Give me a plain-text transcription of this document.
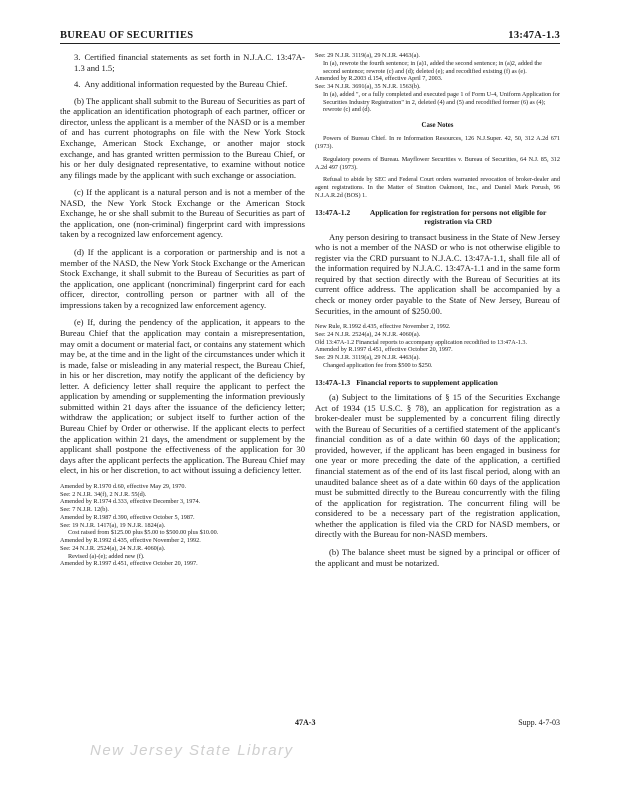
BUREAU OF SECURITIES	13:47A-1.3
3. Certified financial statements as set forth in N.J.A.C. 13:47A-1.3 and 1.5;
4. Any additional information requested by the Bureau Chief.

(b) The applicant shall submit to the Bureau of Securities as part of the application an identification photograph of each partner, officer or director, unless the applicant is a member of the NASD or is a member of and has current photographs on file with the New York Stock Exchange, American Stock Exchange, or another major stock exchange, and has granted written permission to the Bureau Chief, or his or her duly designated representative, to examine without notice any filings made by the applicant with such exchange or association.

(c) If the applicant is a natural person and is not a member of the NASD, the New York Stock Exchange or the American Stock Exchange, he or she shall submit to the Bureau of Securities as part of the application, one (non-criminal) fingerprint card with impressions taken by a recognized law enforcement agency.

(d) If the applicant is a corporation or partnership and is not a member of the NASD, the New York Stock Exchange or the American Stock Exchange, it shall submit to the Bureau of Securities as part of the application, one applicant (noncriminal) fingerprint card for each officer, director, controlling person or partner with all of the impressions taken by a recognized law enforcement agency.

(e) If, during the pendency of the application, it appears to the Bureau Chief that the application may contain a misrepresentation, may omit a document or material fact, or contains any statement which may be, at the time and in the light of the circumstances under which it is made, false or misleading in any material respect, the Bureau Chief, in his or her discretion, may notify the applicant of the deficiency by letter. A deficiency letter shall require the applicant to perfect the application by amending or supplementing the information previously submitted within 21 days after the issuance of the deficiency letter; withdraw the application; or subject itself to further action of the Bureau Chief by Order or otherwise. If the applicant elects to perfect the application within 21 days, the amendment or supplement by the applicant shall postpone the effectiveness of the application for 30 days after the applicant perfects the application. The Bureau Chief may elect, in his or her discretion, to act without issuing a deficiency letter.

Amended by R.1970 d.60, effective May 29, 1970.
See: 2 N.J.R. 34(f), 2 N.J.R. 55(d).
Amended by R.1974 d.333, effective December 3, 1974.
See: 7 N.J.R. 12(b).
Amended by R.1987 d.390, effective October 5, 1987.
See: 19 N.J.R. 1417(a), 19 N.J.R. 1824(a).
Cost raised from $125.00 plus $5.00 to $500.00 plus $10.00.
Amended by R.1992 d.435, effective November 2, 1992.
See: 24 N.J.R. 2524(a), 24 N.J.R. 4060(a).
Revised (a)-(e); added new (f).
Amended by R.1997 d.451, effective October 20, 1997.
See: 29 N.J.R. 3119(a), 29 N.J.R. 4463(a).
In (a), rewrote the fourth sentence; in (a)1, added the second sentence; in (a)2, added the second sentence; rewrote (c) and (d); deleted (e); and recodified existing (f) as (e).
Amended by R.2003 d.154, effective April 7, 2003.
See: 34 N.J.R. 3691(a), 35 N.J.R. 1563(b).
In (a), added ", or a fully completed and executed page 1 of Form U-4, Uniform Application for Securities Industry Registration" in 2, deleted (4) and (5) and recodified former (6) as (4); rewrote (c) and (d).
Case Notes

Powers of Bureau Chief. In re Information Resources, 126 N.J.Super. 42, 50, 312 A.2d 671 (1973).

Regulatory powers of Bureau. Mayflower Securities v. Bureau of Securities, 64 N.J. 85, 312 A.2d 497 (1973).

Refusal to abide by SEC and Federal Court orders warranted revocation of broker-dealer and agent registrations. In the Matter of Stratton Oakmont, Inc., and Daniel Mark Porush, 96 N.J.A.R.2d (BOS) 1.

13:47A-1.2	Application for registration for persons not eligible for registration via CRD

Any person desiring to transact business in the State of New Jersey who is not a member of the NASD or who is not otherwise eligible to register via the CRD pursuant to N.J.A.C. 13:47A-1.1, shall file all of the information required by N.J.A.C. 13:47A-1.1 and in the same form required by that section directly with the Bureau of Securities at its current office address. The application shall be accompanied by a check or money order payable to the State of New Jersey, Bureau of Securities, in the amount of $250.00.

New Rule, R.1992 d.435, effective November 2, 1992.
See: 24 N.J.R. 2524(a), 24 N.J.R. 4060(a).
Old 13:47A-1.2 Financial reports to accompany application recodified to 13:47A-1.3.
Amended by R.1997 d.451, effective October 20, 1997.
See: 29 N.J.R. 3119(a), 29 N.J.R. 4463(a).
Changed application fee from $500 to $250.
13:47A-1.3 Financial reports to supplement application

(a) Subject to the limitations of § 15 of the Securities Exchange Act of 1934 (15 U.S.C. § 78), an application for registration as a broker-dealer must be supplemented by a concurrent filing directly with the Bureau of Securities of a certified statement of the applicant's financial condition as of a date within 60 days of the application; provided, however, if the applicant has been engaged in business for one year or more preceding the date of the application, a certified financial statement as of the end of its last fiscal period, along with an unaudited balance sheet as of a date within 60 days of the application must be submitted directly to the Bureau concurrently with the filing of the application for registration. The concurrent filing will be considered to be a necessary part of the registration application, whether the application is filed via the CRD for NASD members, or directly with the Bureau for non-NASD members.

(b) The balance sheet must be signed by a principal or officer of the applicant and must be notarized.

47A-3	Supp. 4-7-03
New Jersey State Library
